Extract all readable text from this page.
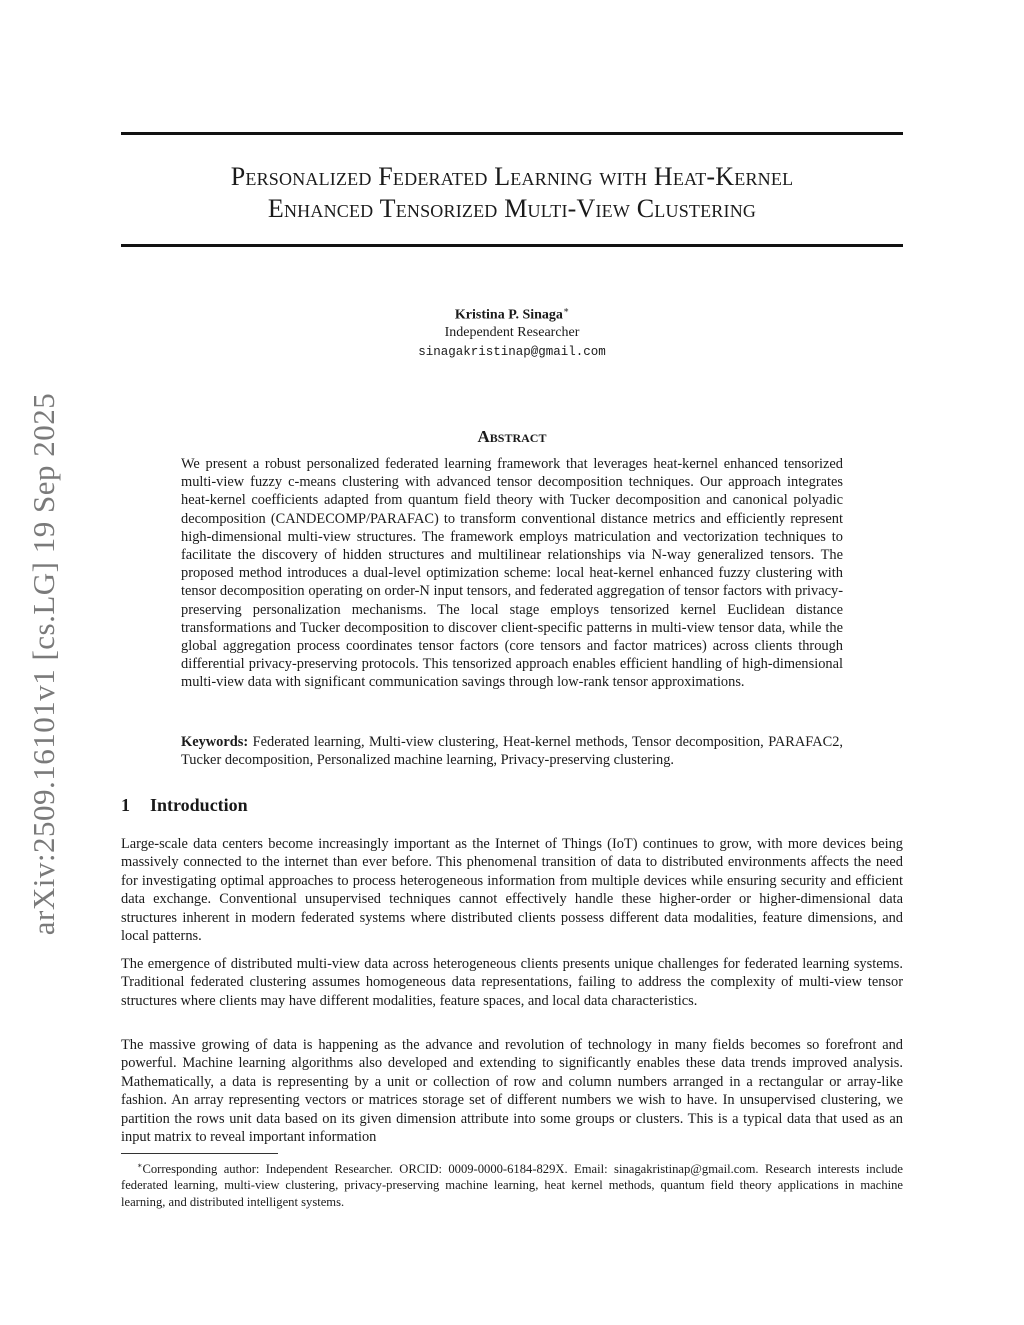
arXiv:2509.16101v1 [cs.LG] 19 Sep 2025
Personalized Federated Learning with Heat-Kernel
Enhanced Tensorized Multi-View Clustering
Kristina P. Sinaga∗
Independent Researcher
sinagakristinap@gmail.com
Abstract

We present a robust personalized federated learning framework that leverages heat-kernel enhanced tensorized multi-view fuzzy c-means clustering with advanced tensor decomposition techniques. Our approach integrates heat-kernel coefficients adapted from quantum field theory with Tucker decomposition and canonical polyadic decomposition (CANDECOMP/PARAFAC) to transform conventional distance metrics and efficiently represent high-dimensional multi-view structures. The framework employs matriculation and vectorization techniques to facilitate the discovery of hidden structures and multilinear relationships via N-way generalized tensors. The proposed method introduces a dual-level optimization scheme: local heat-kernel enhanced fuzzy clustering with tensor decomposition operating on order-N input tensors, and federated aggregation of tensor factors with privacy-preserving personalization mechanisms. The local stage employs tensorized kernel Euclidean distance transformations and Tucker decomposition to discover client-specific patterns in multi-view tensor data, while the global aggregation process coordinates tensor factors (core tensors and factor matrices) across clients through differential privacy-preserving protocols. This tensorized approach enables efficient handling of high-dimensional multi-view data with significant communication savings through low-rank tensor approximations.

Keywords: Federated learning, Multi-view clustering, Heat-kernel methods, Tensor decomposition, PARAFAC2, Tucker decomposition, Personalized machine learning, Privacy-preserving clustering.

1 Introduction

Large-scale data centers become increasingly important as the Internet of Things (IoT) continues to grow, with more devices being massively connected to the internet than ever before. This phenomenal transition of data to distributed environments affects the need for investigating optimal approaches to process heterogeneous information from multiple devices while ensuring security and efficient data exchange. Conventional unsupervised techniques cannot effectively handle these higher-order or higher-dimensional data structures inherent in modern federated systems where distributed clients possess different data modalities, feature dimensions, and local patterns.

The emergence of distributed multi-view data across heterogeneous clients presents unique challenges for federated learning systems. Traditional federated clustering assumes homogeneous data representations, failing to address the complexity of multi-view tensor structures where clients may have different modalities, feature spaces, and local data characteristics.

The massive growing of data is happening as the advance and revolution of technology in many fields becomes so forefront and powerful. Machine learning algorithms also developed and extending to significantly enables these data trends improved analysis. Mathematically, a data is representing by a unit or collection of row and column numbers arranged in a rectangular or array-like fashion. An array representing vectors or matrices storage set of different numbers we wish to have. In unsupervised clustering, we partition the rows unit data based on its given dimension attribute into some groups or clusters. This is a typical data that used as an input matrix to reveal important information

∗Corresponding author: Independent Researcher. ORCID: 0009-0000-6184-829X. Email: sinagakristinap@gmail.com. Research interests include federated learning, multi-view clustering, privacy-preserving machine learning, heat kernel methods, quantum field theory applications in machine learning, and distributed intelligent systems.
